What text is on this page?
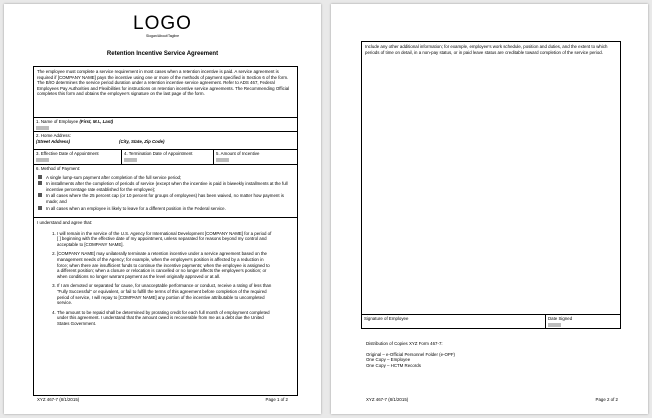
LOGO
Slogan/About/Tagline
Retention Incentive Service Agreement
The employee must complete a service requirement in most cases when a retention incentive is paid. A service agreement is required if [COMPANY NAME] pays the incentive using one or more of the methods of payment specified in Section 6 of the form. The B/IO determines the service period duration under a retention incentive service agreement. Refer to ADS 467, Federal Employees Pay Authorities and Flexibilities for instructions on retention incentive service agreements. The Recommending Official completes this form and obtains the employee's signature on the last page of the form.
1. Name of Employee (First, M.I., Last)
2. Home Address:
(Street Address)	(City, State, Zip Code)
3. Effective Date of Appointment	4. Termination Date of Appointment	5. Amount of Incentive
6. Method of Payment:
A single lump-sum payment after completion of the full service period;
In installments after the completion of periods of service (except when the incentive is paid in biweekly installments at the full incentive percentage rate established for the employee);
In all cases where the 25 percent cap (or 10 percent for groups of employees) has been waived, no matter how payment is made; and
In all cases when an employee is likely to leave for a different position in the Federal service.
I understand and agree that:
1. I will remain in the service of the U.S. Agency for International Development [COMPANY NAME] for a period of [ ] beginning with the effective date of my appointment, unless separated for reasons beyond my control and acceptable to [COMPANY NAME].
2. [COMPANY NAME] may unilaterally terminate a retention incentive under a service agreement based on the management needs of the Agency; for example, when the employee's position is affected by a reduction in force; when there are insufficient funds to continue the incentive payments; when the employee is assigned to a different position; when a closure or relocation is cancelled or no longer affects the employee's position; or when conditions no longer warrant payment as the level originally approved or at all.
3. If I am demoted or separated for cause, for unacceptable performance or conduct, receive a rating of less than "Fully Successful" or equivalent, or fail to fulfill the terms of this agreement before completion of the required period of service, I will repay to [COMPANY NAME] any portion of the incentive attributable to uncompleted service.
4. The amount to be repaid shall be determined by prorating credit for each full month of employment completed under this agreement. I understand that the amount owed is recoverable from me as a debt due the United States Government.
XYZ 467-7 (8/1/2015)	Page 1 of 2
Include any other additional information; for example, employee's work schedule, position and duties, and the extent to which periods of time on detail, in a non-pay status, or in paid leave status are creditable toward completion of the service period.
Signature of Employee	Date Signed
Distribution of Copies XYZ Form 467-7:
Original – e-Official Personnel Folder (e-OPF)
One Copy – Employee
One Copy – HCTM Records
XYZ 467-7 (8/1/2015)	Page 2 of 2
